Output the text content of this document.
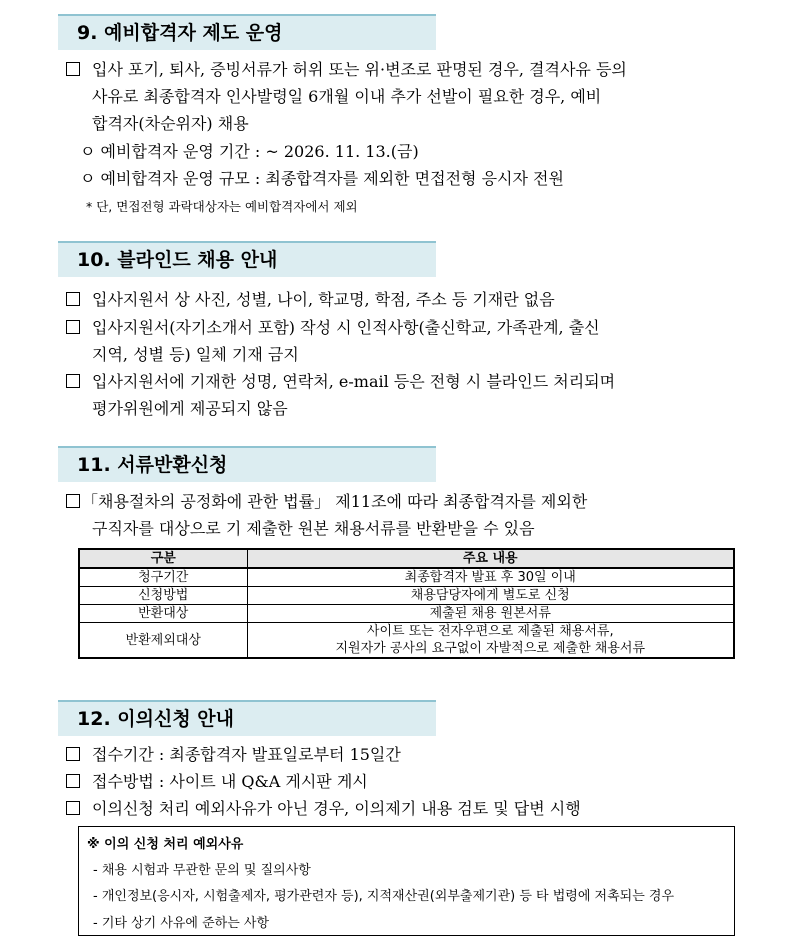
9. 예비합격자 제도 운영
입사 포기, 퇴사, 증빙서류가 허위 또는 위·변조로 판명된 경우, 결격사유 등의
사유로 최종합격자 인사발령일 6개월 이내 추가 선발이 필요한 경우, 예비
합격자(차순위자) 채용
ㅇ 예비합격자 운영 기간 : ~ 2026. 11. 13.(금)
ㅇ 예비합격자 운영 규모 : 최종합격자를 제외한 면접전형 응시자 전원
* 단, 면접전형 과락대상자는 예비합격자에서 제외
10. 블라인드 채용 안내
입사지원서 상 사진, 성별, 나이, 학교명, 학점, 주소 등 기재란 없음
입사지원서(자기소개서 포함) 작성 시 인적사항(출신학교, 가족관계, 출신
지역, 성별 등) 일체 기재 금지
입사지원서에 기재한 성명, 연락처, e-mail 등은 전형 시 블라인드 처리되며
평가위원에게 제공되지 않음
11. 서류반환신청
「채용절차의 공정화에 관한 법률」 제11조에 따라 최종합격자를 제외한
구직자를 대상으로 기 제출한 원본 채용서류를 반환받을 수 있음
구분	주요 내용
청구기간	최종합격자 발표 후 30일 이내
신청방법	채용담당자에게 별도로 신청
반환대상	제출된 채용 원본서류
반환제외대상	사이트 또는 전자우편으로 제출된 채용서류,
지원자가 공사의 요구없이 자발적으로 제출한 채용서류
12. 이의신청 안내
접수기간 : 최종합격자 발표일로부터 15일간
접수방법 : 사이트 내 Q&A 게시판 게시
이의신청 처리 예외사유가 아닌 경우, 이의제기 내용 검토 및 답변 시행
※ 이의 신청 처리 예외사유
- 채용 시험과 무관한 문의 및 질의사항
- 개인정보(응시자, 시험출제자, 평가관련자 등), 지적재산권(외부출제기관) 등 타 법령에 저촉되는 경우
- 기타 상기 사유에 준하는 사항
